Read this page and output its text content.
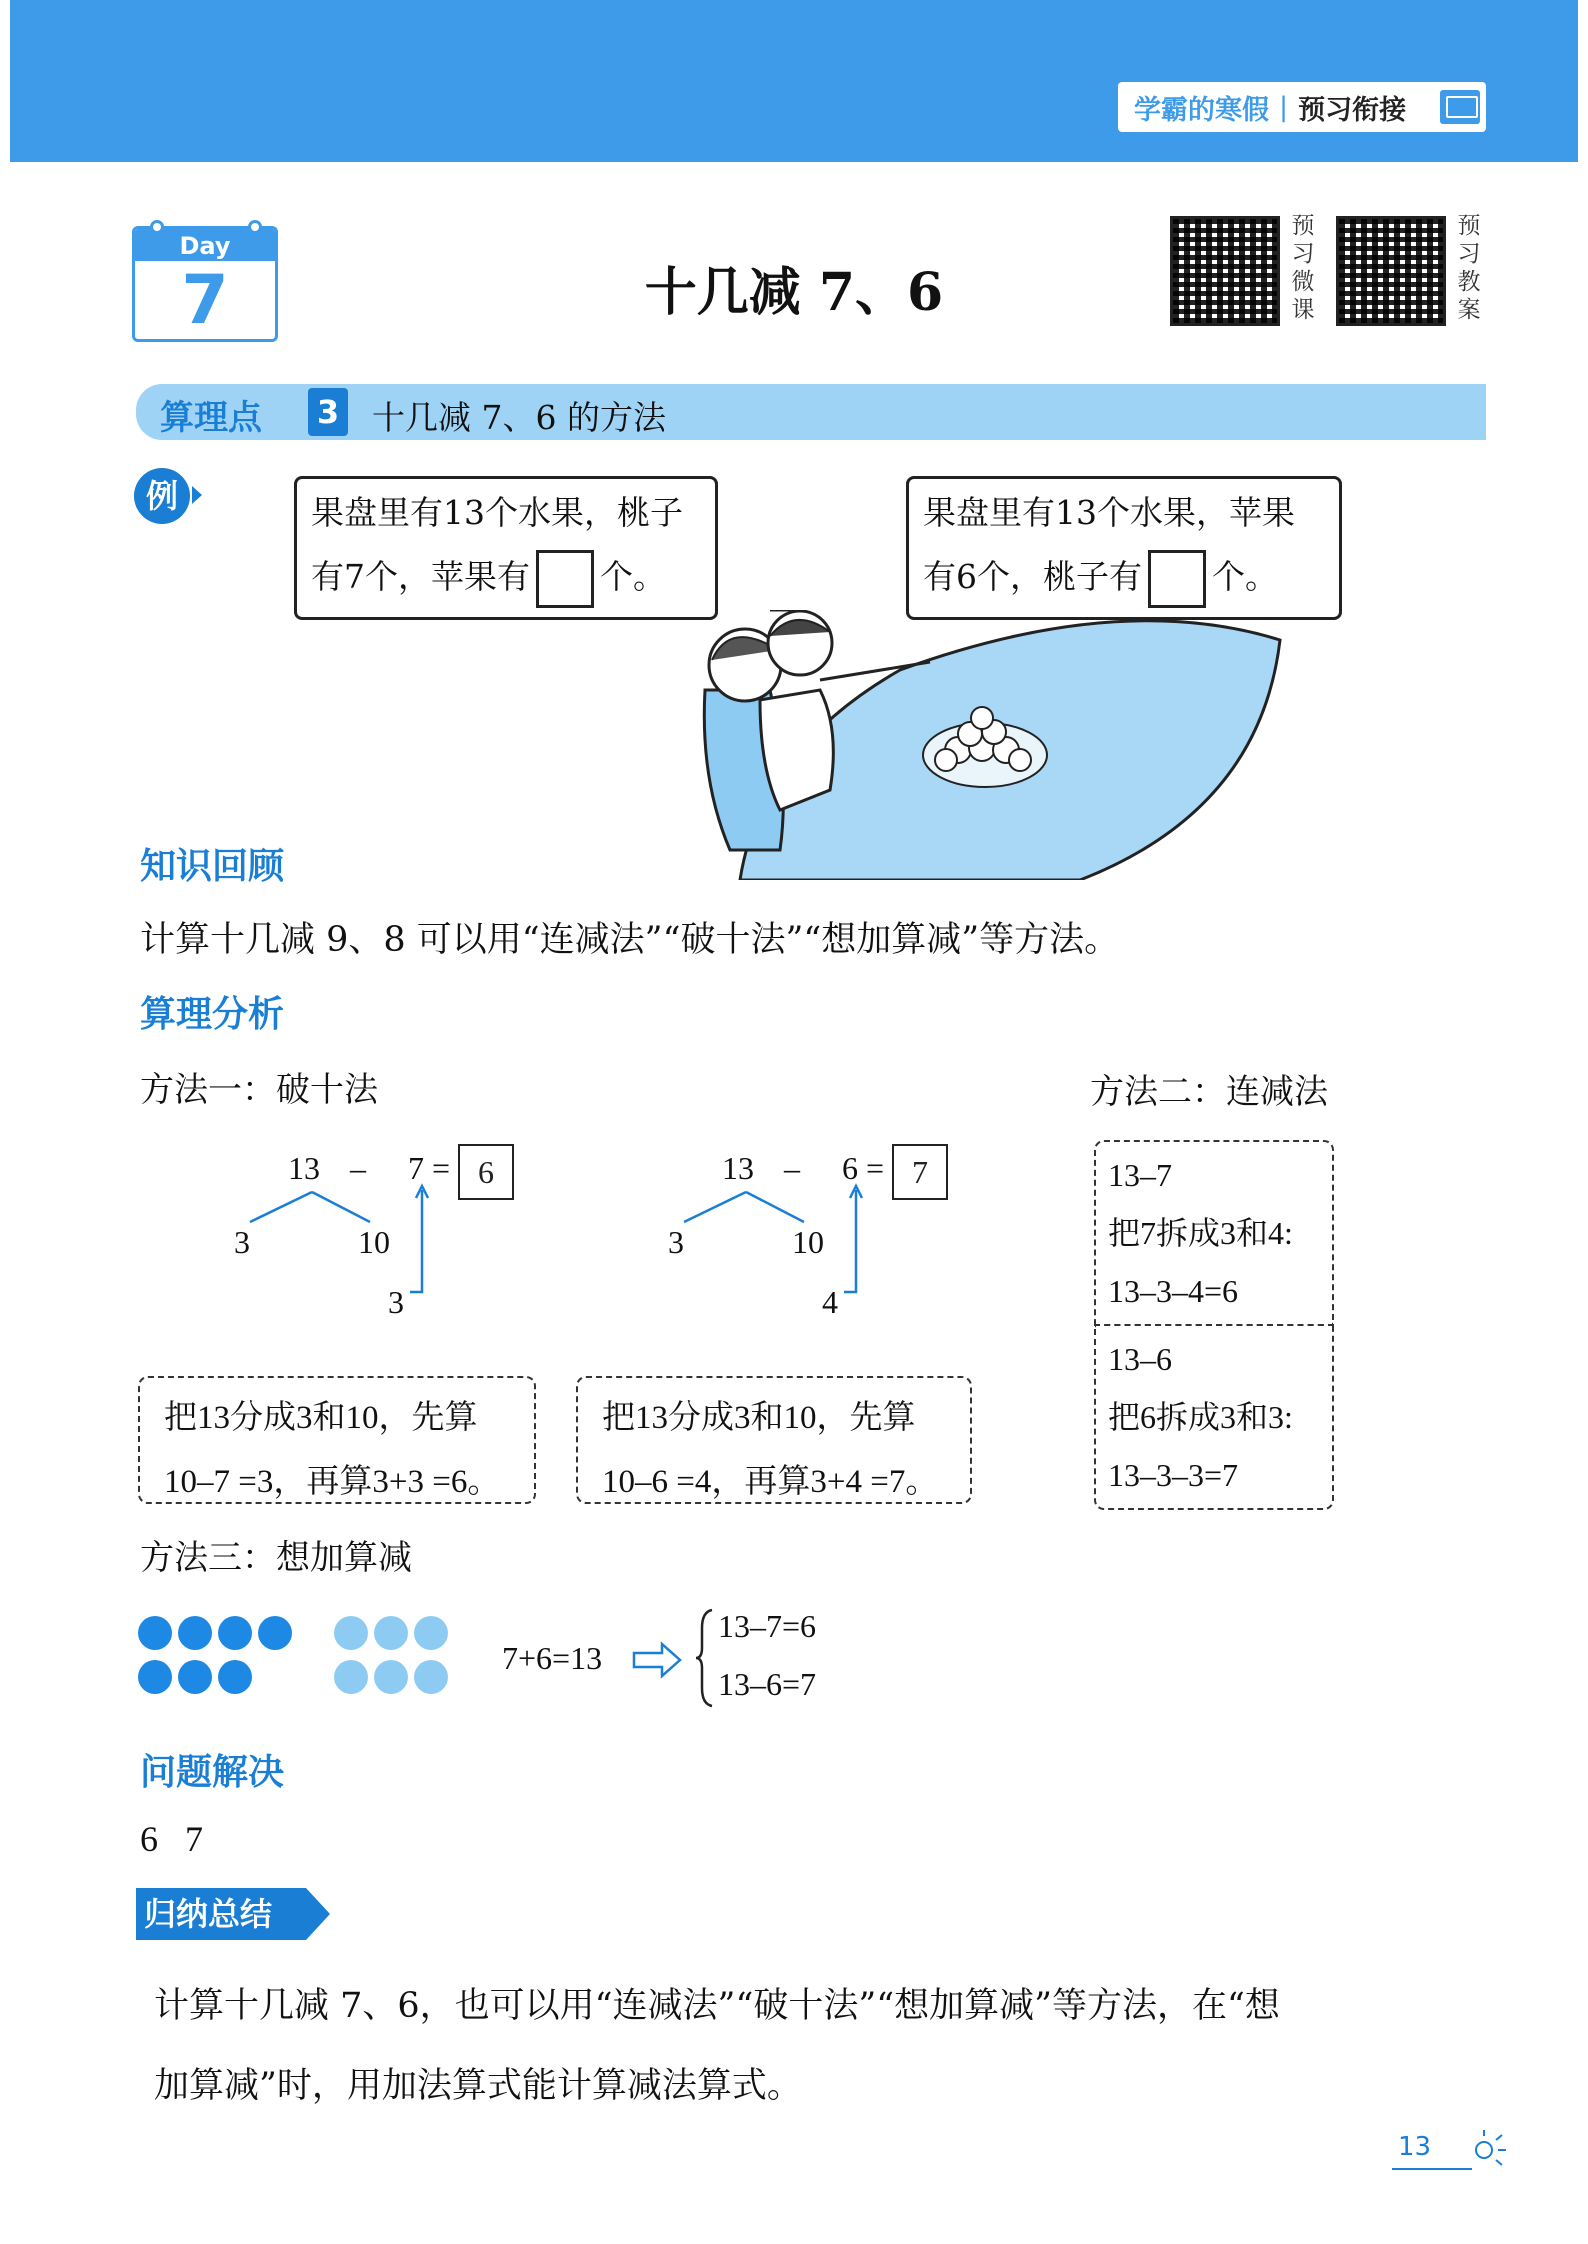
学霸的寒假 | 预习衔接
Day
7	十几减 7、6
预习微课
预习教案
算理点 3 十几减 7、6 的方法
例	果盘里有13个水果，桃子
有7个，苹果有 个。
果盘里有13个水果，苹果
有6个，桃子有 个。
知识回顾
计算十几减 9、8 可以用“连减法”“破十法”“想加算减”等方法。
算理分析
方法一：破十法	方法二：连减法
13 – 7 = 6
3	10
3
13 – 6 = 7
3	10
4
把13分成3和10，先算
10–7 =3，再算3+3 =6。
把13分成3和10，先算
10–6 =4，再算3+4 =7。
13–7
把7拆成3和4:
13–3–4=6
13–6
把6拆成3和3:
13–3–3=7
方法三：想加算减
7+6=13
13–7=6
13–6=7
问题解决
6   7
归纳总结
计算十几减 7、6，也可以用“连减法”“破十法”“想加算减”等方法，在“想
加算减”时，用加法算式能计算减法算式。
13
